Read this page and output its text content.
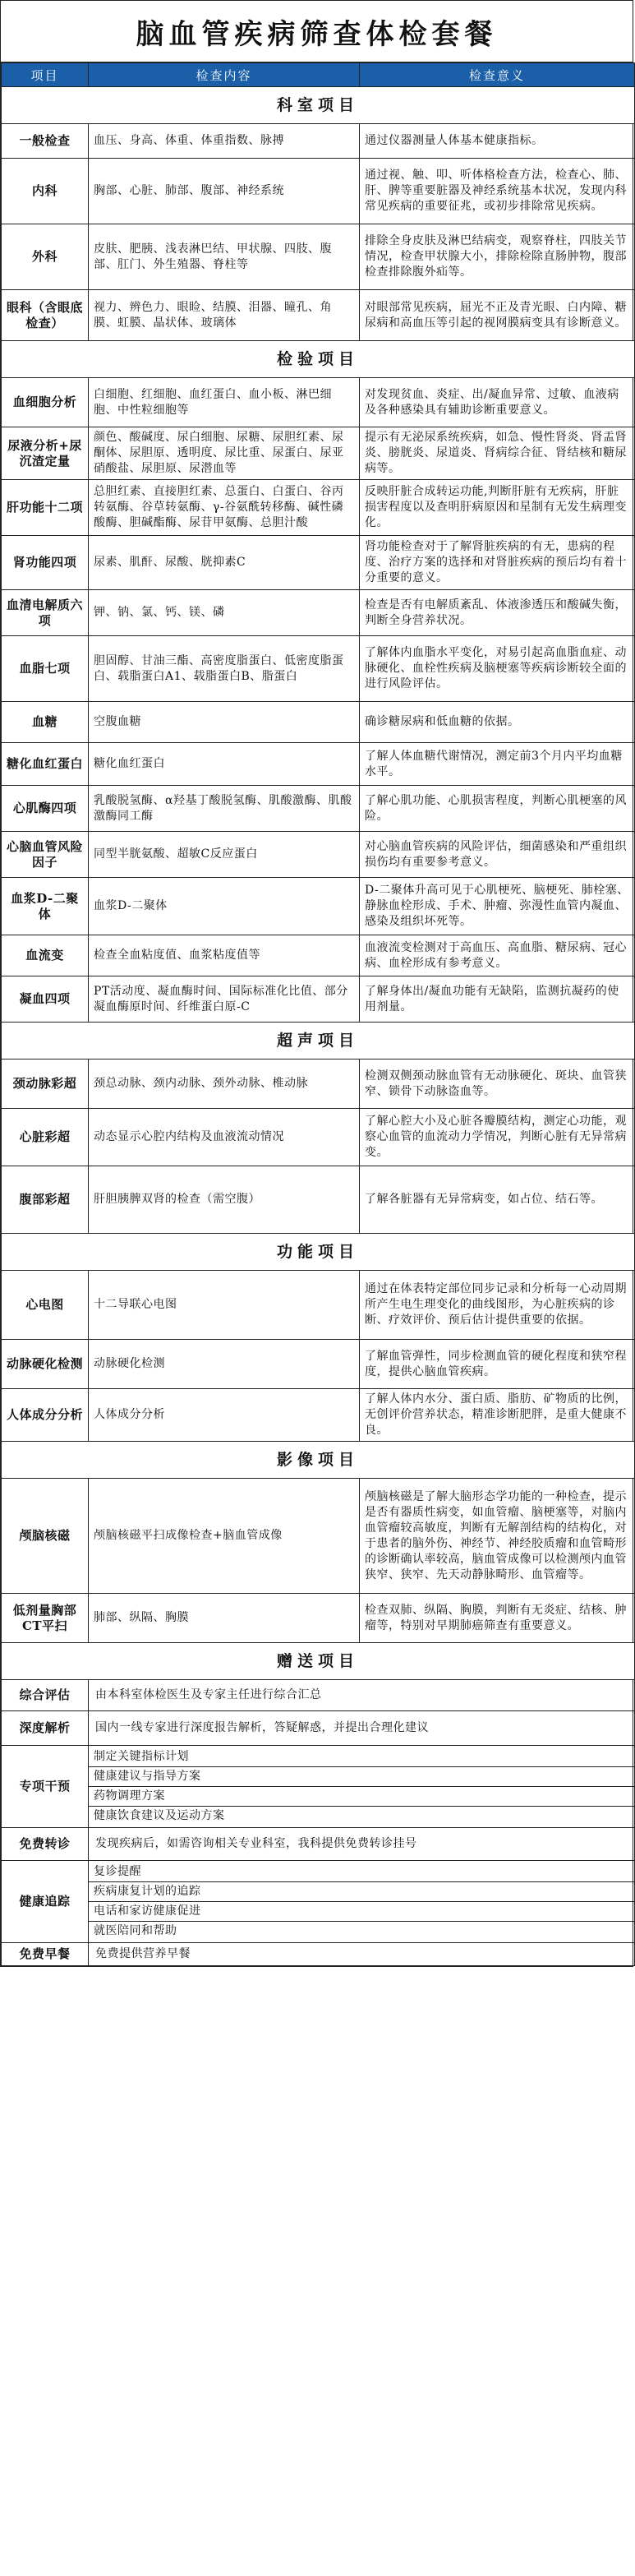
脑血管疾病筛查体检套餐
项目	检查内容	检查意义
科室项目		
一般检查	血压、身高、体重、体重指数、脉搏	通过仪器测量人体基本健康指标。
内科	胸部、心脏、肺部、腹部、神经系统	通过视、触、叩、听体格检查方法，检查心、肺、肝、脾等重要脏器及神经系统基本状况，发现内科常见疾病的重要征兆，或初步排除常见疾病。
外科	皮肤、肥胰、浅表淋巴结、甲状腺、四肢、腹部、肛门、外生殖器、脊柱等	排除全身皮肤及淋巴结病变，观察脊柱，四肢关节情况，检查甲状腺大小，排除检除直肠肿物，腹部检查排除腹外疝等。
眼科（含眼底检查）	视力、辨色力、眼睑、结膜、泪器、瞳孔、角膜、虹膜、晶状体、玻璃体	对眼部常见疾病，屈光不正及青光眼、白内障、糖尿病和高血压等引起的视网膜病变具有诊断意义。
检验项目		
血细胞分析	白细胞、红细胞、血红蛋白、血小板、淋巴细胞、中性粒细胞等	对发现贫血、炎症、出/凝血异常、过敏、血液病及各种感染具有辅助诊断重要意义。
尿液分析+尿沉渣定量	颜色、酸碱度、尿白细胞、尿糖、尿胆红素、尿酮体、尿胆原、透明度、尿比重、尿蛋白、尿亚硝酸盐、尿胆原、尿潜血等	提示有无泌尿系统疾病，如急、慢性肾炎、肾盂肾炎、膀胱炎、尿道炎、肾病综合征、肾结核和糖尿病等。
肝功能十二项	总胆红素、直接胆红素、总蛋白、白蛋白、谷丙转氨酶、谷草转氨酶、γ-谷氨酰转移酶、碱性磷酸酶、胆碱酯酶、尿苷甲氨酶、总胆汁酸	反映肝脏合成转运功能,判断肝脏有无疾病，肝脏损害程度以及查明肝病原因和星制有无发生病理变化。
肾功能四项	尿素、肌酐、尿酸、胱抑素C	肾功能检查对于了解肾脏疾病的有无，患病的程度、治疗方案的选择和对肾脏疾病的预后均有着十分重要的意义。
血清电解质六项	钾、钠、氯、钙、镁、磷	检查是否有电解质紊乱、体液渗透压和酸碱失衡，判断全身营养状况。
血脂七项	胆固醇、甘油三酯、高密度脂蛋白、低密度脂蛋白、载脂蛋白A1、载脂蛋白B、脂蛋白	了解体内血脂水平变化，对易引起高血脂血症、动脉硬化、血栓性疾病及脑梗塞等疾病诊断较全面的进行风险评估。
血糖	空腹血糖	确诊糖尿病和低血糖的依据。
糖化血红蛋白	糖化血红蛋白	了解人体血糖代谢情况，测定前3个月内平均血糖水平。
心肌酶四项	乳酸脱氢酶、α羟基丁酸脱氢酶、肌酸激酶、肌酸激酶同工酶	了解心肌功能、心肌损害程度，判断心肌梗塞的风险。
心脑血管风险因子	同型半胱氨酸、超敏C反应蛋白	对心脑血管疾病的风险评估，细菌感染和严重组织损伤均有重要参考意义。
血浆D-二聚体	血浆D-二聚体	D-二聚体升高可见于心肌梗死、脑梗死、肺栓塞、静脉血栓形成、手术、肿瘤、弥漫性血管内凝血、感染及组织坏死等。
血流变	检查全血粘度值、血浆粘度值等	血液流变检测对于高血压、高血脂、糖尿病、冠心病、血栓形成有参考意义。
凝血四项	PT活动度、凝血酶时间、国际标准化比值、部分凝血酶原时间、纤维蛋白原-C	了解身体出/凝血功能有无缺陷，监测抗凝药的使用剂量。
超声项目		
颈动脉彩超	颈总动脉、颈内动脉、颈外动脉、椎动脉	检测双侧颈动脉血管有无动脉硬化、斑块、血管狭窄、锁骨下动脉盗血等。
心脏彩超	动态显示心腔内结构及血液流动情况	了解心腔大小及心脏各瓣膜结构，测定心功能，观察心血管的血流动力学情况，判断心脏有无异常病变。
腹部彩超	肝胆胰脾双肾的检查（需空腹）	了解各脏器有无异常病变，如占位、结石等。
功能项目		
心电图	十二导联心电图	通过在体表特定部位同步记录和分析每一心动周期所产生电生理变化的曲线图形，为心脏疾病的诊断、疗效评价、预后估计提供重要的依据。
动脉硬化检测	动脉硬化检测	了解血管弹性，同步检测血管的硬化程度和狭窄程度，提供心脑血管疾病。
人体成分分析	人体成分分析	了解人体内水分、蛋白质、脂肪、矿物质的比例，无创评价营养状态，精准诊断肥胖，是重大健康不良。
影像项目		
颅脑核磁	颅脑核磁平扫成像检查+脑血管成像	颅脑核磁是了解大脑形态学功能的一种检查，提示是否有器质性病变，如血管瘤、脑梗塞等，对脑内血管瘤较高敏度，判断有无解剖结构的结构化，对于患者的脑外伤、神经节、神经胶质瘤和血管畸形的诊断确认率较高，脑血管成像可以检测颅内血管狭窄、狭窄、先天动静脉畸形、血管瘤等。
低剂量胸部CT平扫	肺部、纵隔、胸膜	检查双肺、纵隔、胸膜，判断有无炎症、结核、肿瘤等，特别对早期肺癌筛查有重要意义。
赠送项目		
综合评估	由本科室体检医生及专家主任进行综合汇总	
深度解析	国内一线专家进行深度报告解析，答疑解惑，并提出合理化建议	
专项干预	制定关键指标计划
健康建议与指导方案
药物调理方案
健康饮食建议及运动方案	

免费转诊	发现疾病后，如需咨询相关专业科室，我科提供免费转诊挂号	
健康追踪	复诊提醒
疾病康复计划的追踪
电话和家访健康促进
就医陪同和帮助	

免费早餐	免费提供营养早餐	
